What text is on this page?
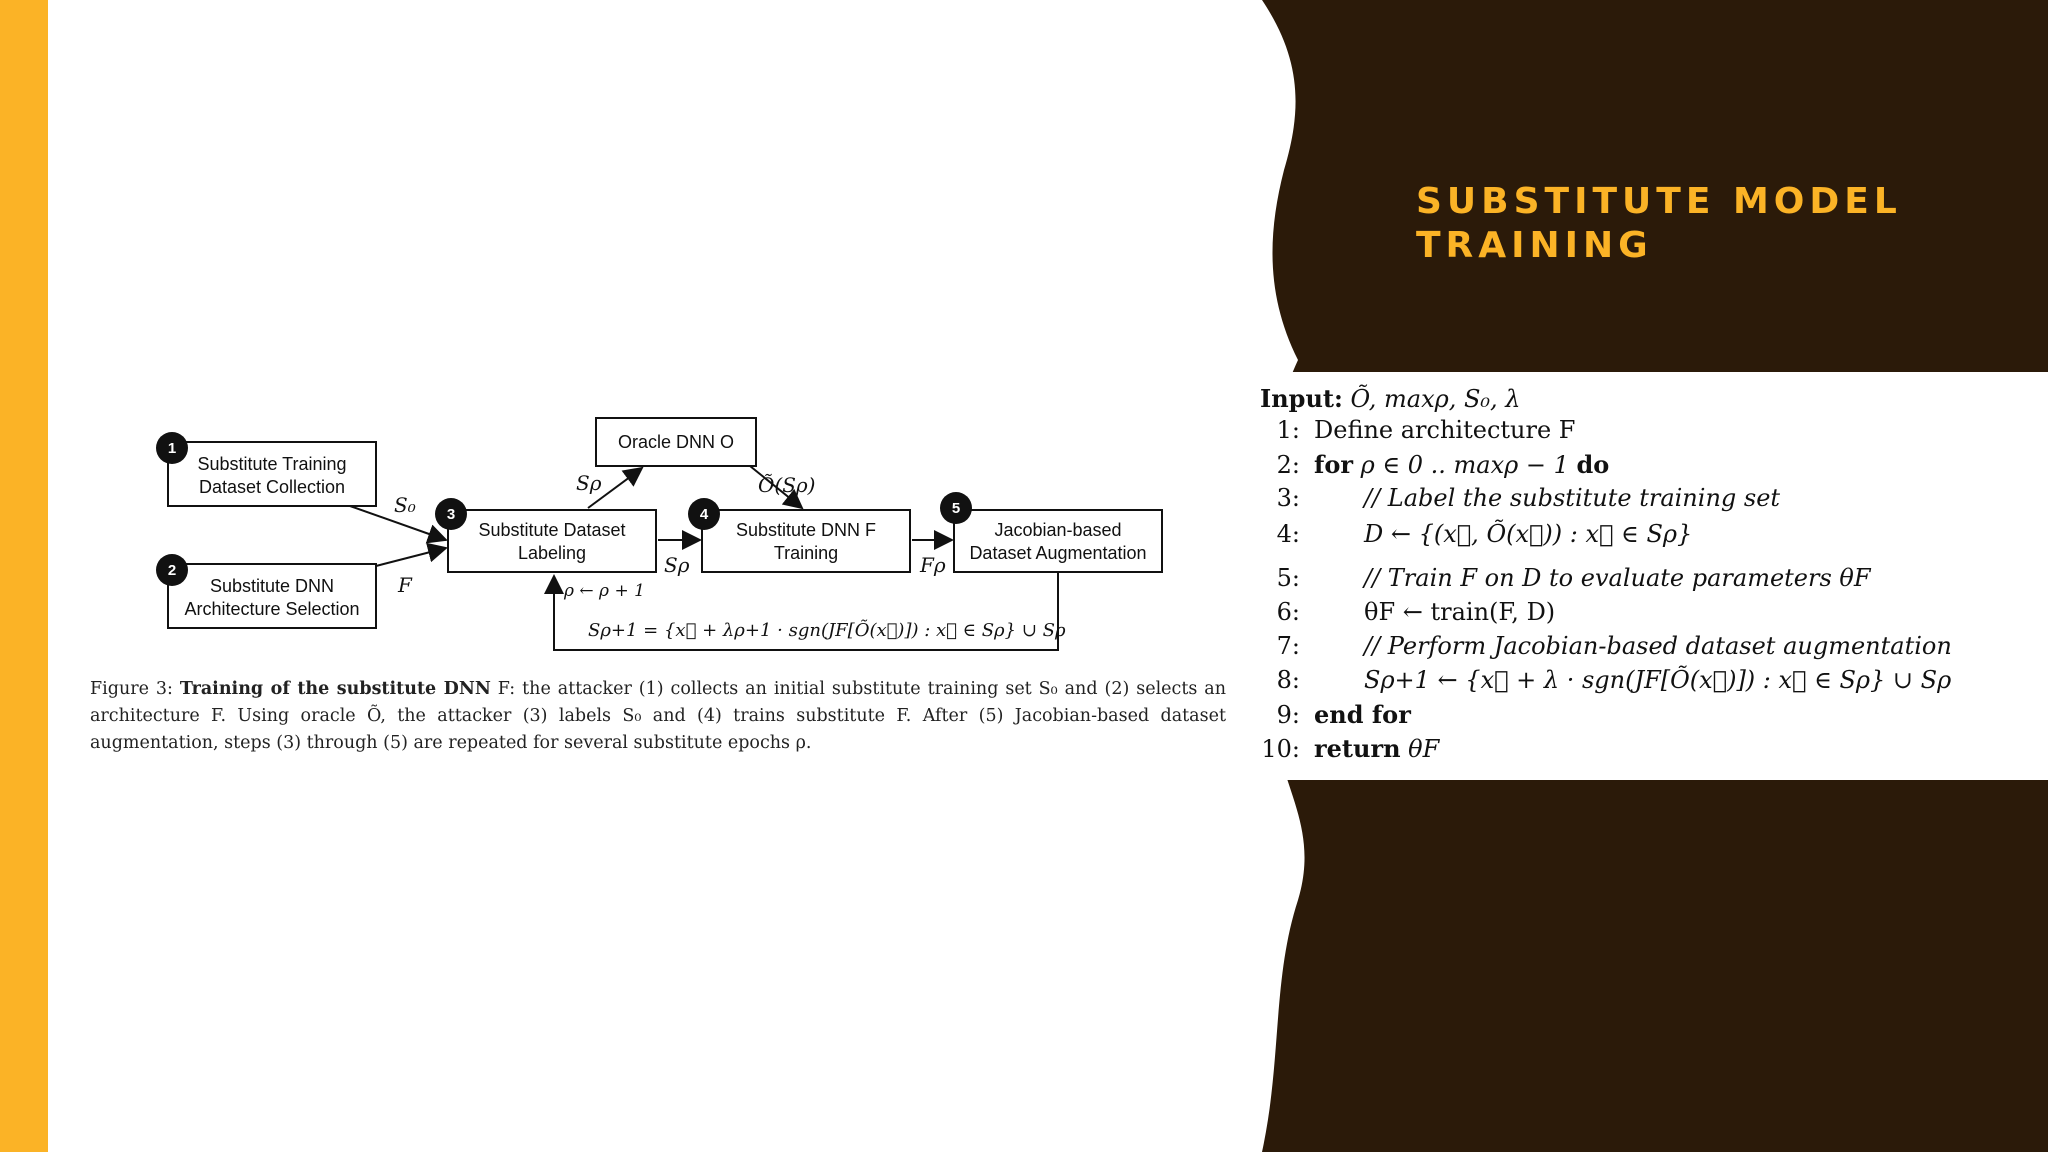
SUBSTITUTE MODEL TRAINING
Substitute Training
Dataset Collection
1
Substitute DNN
Architecture Selection
2
Substitute Dataset
Labeling
3
Substitute DNN F
Training
4
Jacobian-based
Dataset Augmentation
5
Oracle DNN O
S₀
F
Sρ
Sρ
Õ(Sρ)
Fρ
ρ ← ρ + 1
Sρ+1 = {x⃗ + λρ+1 · sgn(JF[Õ(x⃗)]) : x⃗ ∈ Sρ} ∪ Sρ

Figure 3: Training of the substitute DNN F: the attacker (1) collects an initial substitute training set S₀ and (2) selects an architecture F. Using oracle Õ, the attacker (3) labels S₀ and (4) trains substitute F. After (5) Jacobian-based dataset augmentation, steps (3) through (5) are repeated for several substitute epochs ρ.

Input: Õ, maxρ, S₀, λ
1: Define architecture F
2: for ρ ∈ 0 .. maxρ − 1 do
3:	// Label the substitute training set
4:	D ← {(x⃗, Õ(x⃗)) : x⃗ ∈ Sρ}
5:	// Train F on D to evaluate parameters θF
6:	θF ← train(F, D)
7:	// Perform Jacobian-based dataset augmentation
8:	Sρ+1 ← {x⃗ + λ · sgn(JF[Õ(x⃗)]) : x⃗ ∈ Sρ} ∪ Sρ
9: end for
10: return θF
